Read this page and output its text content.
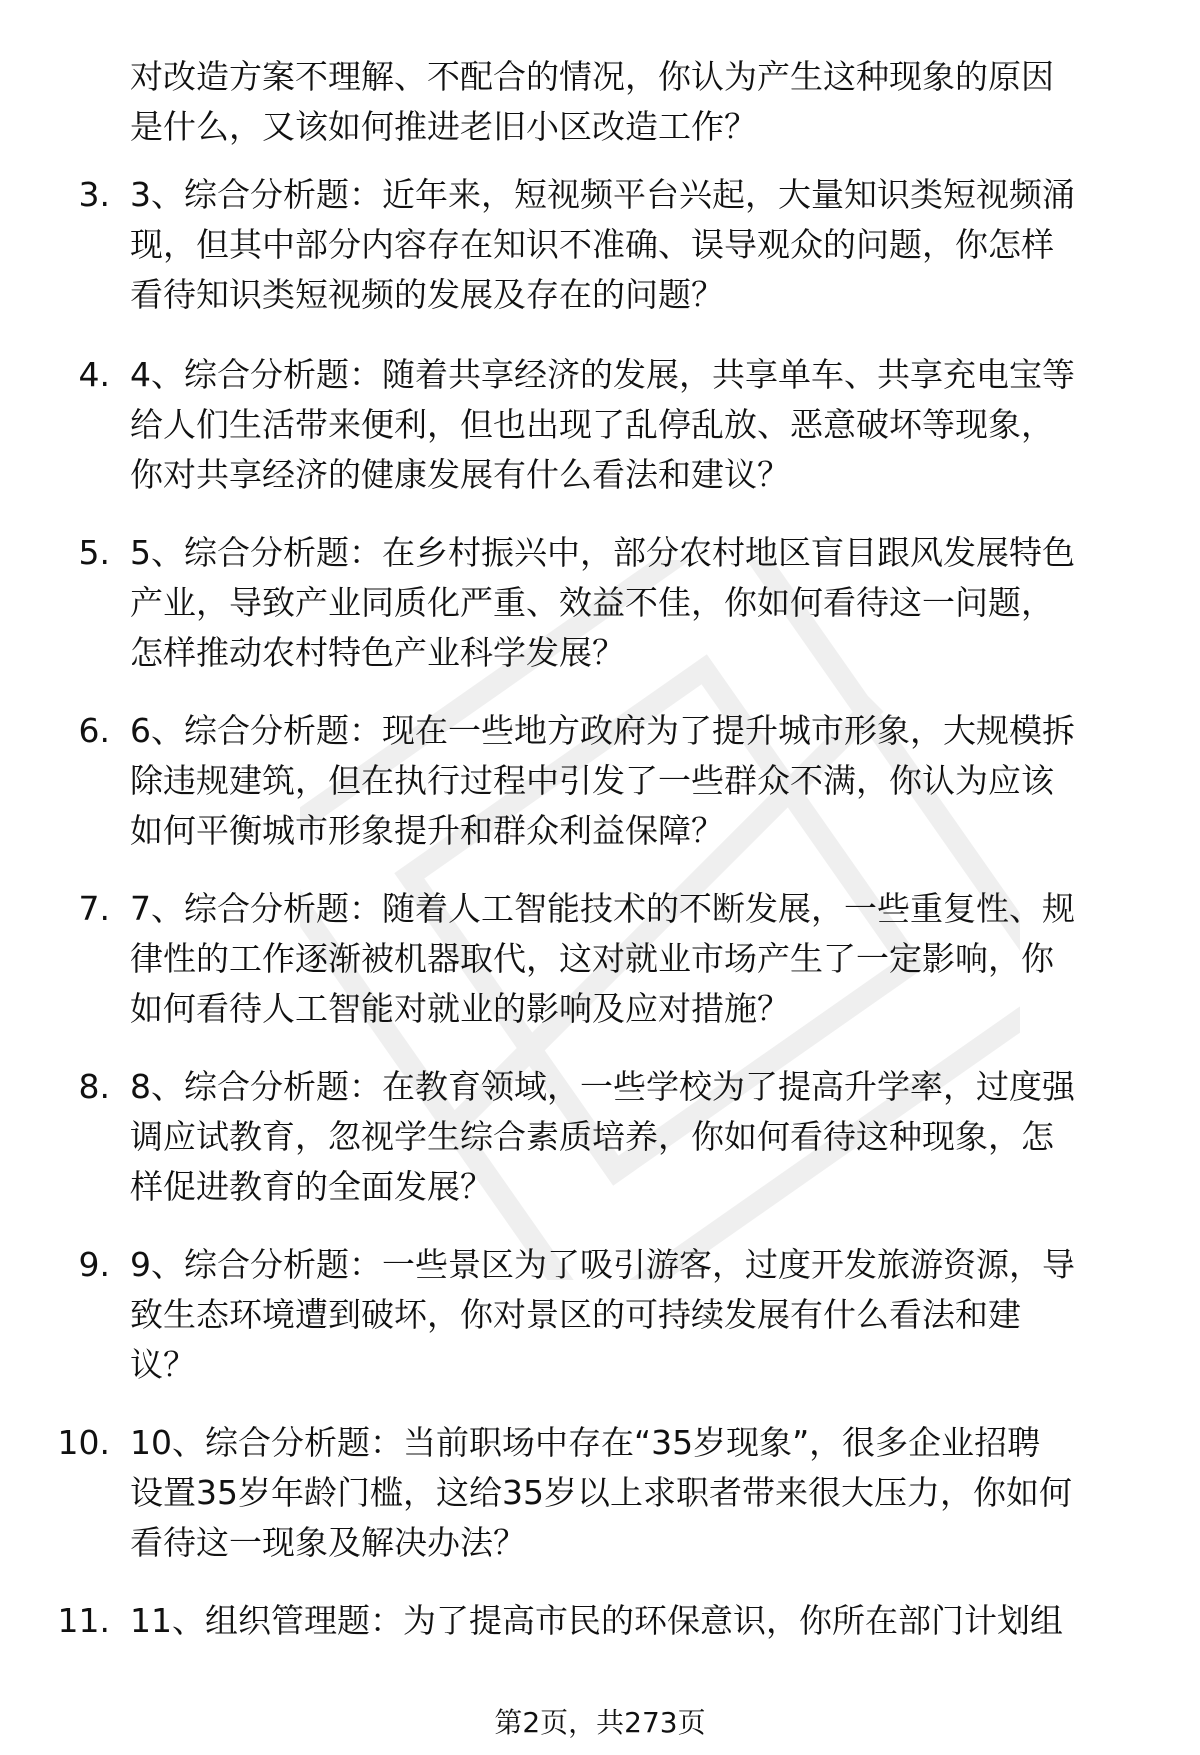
对改造方案不理解、不配合的情况，你认为产生这种现象的原因
是什么，又该如何推进老旧小区改造工作？
3. 3、综合分析题：近年来，短视频平台兴起，大量知识类短视频涌
现，但其中部分内容存在知识不准确、误导观众的问题，你怎样
看待知识类短视频的发展及存在的问题？
4. 4、综合分析题：随着共享经济的发展，共享单车、共享充电宝等
给人们生活带来便利，但也出现了乱停乱放、恶意破坏等现象，
你对共享经济的健康发展有什么看法和建议？
5. 5、综合分析题：在乡村振兴中，部分农村地区盲目跟风发展特色
产业，导致产业同质化严重、效益不佳，你如何看待这一问题，
怎样推动农村特色产业科学发展？
6. 6、综合分析题：现在一些地方政府为了提升城市形象，大规模拆
除违规建筑，但在执行过程中引发了一些群众不满，你认为应该
如何平衡城市形象提升和群众利益保障？
7. 7、综合分析题：随着人工智能技术的不断发展，一些重复性、规
律性的工作逐渐被机器取代，这对就业市场产生了一定影响，你
如何看待人工智能对就业的影响及应对措施？
8. 8、综合分析题：在教育领域，一些学校为了提高升学率，过度强
调应试教育，忽视学生综合素质培养，你如何看待这种现象，怎
样促进教育的全面发展？
9. 9、综合分析题：一些景区为了吸引游客，过度开发旅游资源，导
致生态环境遭到破坏，你对景区的可持续发展有什么看法和建
议？
10. 10、综合分析题：当前职场中存在“35岁现象”，很多企业招聘
设置35岁年龄门槛，这给35岁以上求职者带来很大压力，你如何
看待这一现象及解决办法？
11. 11、组织管理题：为了提高市民的环保意识，你所在部门计划组
第2页，共273页
